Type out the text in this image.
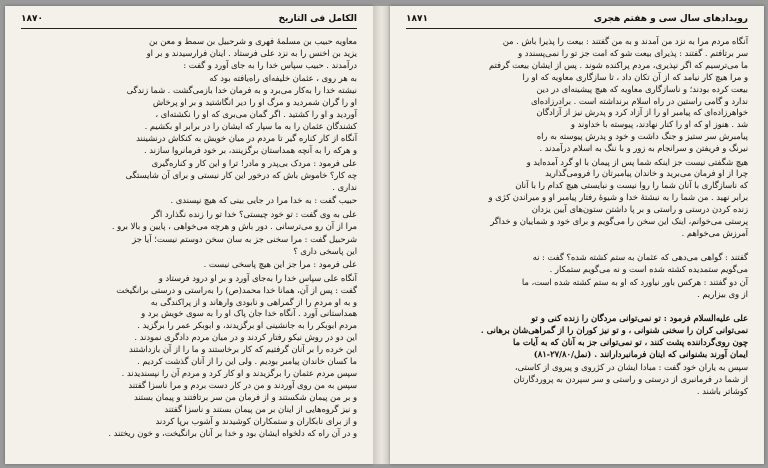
الکامل فی التاریخ
۱۸۷۰

معاویه حبیب بن مسلمهٔ فهری و شرحبیل بن سمط و معن بن
یزید بن اخنس را به نزد علی فرستاد . اینان فرارسیدند و بر او
درآمدند . حبیب سپاس خدا را به جای آورد و گفت :

به هر روی ، عثمان خلیفه‌ای راه‌یافته بود که
نیشته خدا را به‌کار می‌برد و به فرمان خدا بازمی‌گشت . شما زندگی
او را گران شمردید و مرگ او را دیر انگاشتید و بر او پرخاش
آوردید و او را کشتید . اگر گمان می‌بری که او را نکشته‌ای ،
کشندگان عثمان را به ما سپار که ایشان را در برابر او بکشیم .
آنگاه از کار کناره گیر تا مردم در میان خویش به کنکاش درنشینند
و هرکه را به آنچه همداستان برگزینند، بر خود فرمانروا سازند .

علی فرمود : مردک بی‌پدر و مادر! ترا و این کار و کناره‌گیری
چه کار؟ خاموش باش که درخور این کار نیستی و برای آن شایستگی
نداری .

حبیب گفت : به خدا مرا در جایی بینی که هیچ نپسندی .

علی به وی گفت : تو خود چیستی؟ خدا تو را زنده نگذارد اگر
مرا از آن رو می‌ترسانی . دور باش و هرچه می‌خواهی ، پایین و بالا برو .

شرحبیل گفت : مرا سخنی جز به سان سخن دوستم نیست؛ آیا جز
این پاسخی داری ؟

علی فرمود : مرا جز این هیچ پاسخی نیست .

آنگاه علی سپاس خدا را به‌جای آورد و بر او درود فرستاد و
گفت : پس از آن، همانا خدا محمد(ص) را به‌راستی و درستی برانگیخت
و به او مردم را از گمراهی و نابودی وارهاند و از پراکندگی به
همداستانی آورد . آنگاه خدا جان پاک او را به سوی خویش برد و
مردم ابوبکر را به جانشینی او برگزیدند، و ابوبکر عمر را برگزید .
این دو در روش نیکو رفتار کردند و در میان مردم دادگری نمودند .
این خرده را بر آنان گرفتیم که کار برخاستند و ما را از آن بازداشتند
ما کسان خاندان پیامبر بودیم . ولی این را از آنان گذشت کردیم .
سپس مردم عثمان را برگزیدند و او کار کرد و مردم آن را نپسندیدند .
سپس به من روی آوردند و من در کار دست بردم و مرا ناسزا گفتند
و بر من پیمان شکستند و از فرمان من سر برتافتند و پیمان بستند
و نیز گروه‌هایی از اینان بر من پیمان بستند و ناسزا گفتند
و از برای نابکاران و ستمکاران کوشیدند و آشوب برپا کردند
و در آن راه که دلخواه ایشان بود و خدا بر آنان برانگیخت، و خون ریختند .

رویدادهای سال سی و هفتم هجری
۱۸۷۱

آنگاه مردم مرا به نزد من آمدند و به من گفتند : بیعت را پذیرا باش . من
سر برتافتم . گفتند : پذیرای بیعت شو که امت جز تو را نمی‌پسندد و
ما می‌ترسیم که اگر نپذیری، مردم پراکنده شوند . پس از ایشان بیعت گرفتم
و مرا هیچ کار نیامد که از آن تکان داد ، تا سازگاری معاویه که او را
بیعت کرده بودند؛ و ناسازگاری معاویه که هیچ پیشینه‌ای در دین
ندارد و گامی راستین در راه اسلام برنداشته است . برادرزاده‌ای
خواهرزاده‌ای که پیامبر او را از آزاد کرد و پدرش نیز از آزادگان
شد . هنوز او که او را کنار نهادند، پیوسته با خداوند و
پیامبرش سر ستیز و جنگ داشت و خود و پدرش پیوسته به راه
نیرنگ و فریفتن و سرانجام به زور و با ننگ به اسلام درآمدند .

هیچ شگفتی نیست جز اینکه شما پس از پیمان با او گرد آمده‌اید و
چرا از او فرمان می‌برید و خاندان پیامبرتان را فرومی‌گذارید
که ناسازگاری با آنان شما را روا نیست و نبایستی هیچ کدام را با آنان
برابر نهید . من شما را به نبشتهٔ خدا و شیوهٔ رفتار پیامبر او و میراندن کژی و
زنده کردن درستی و راستی و بر پا داشتن ستون‌های آیین یزدان
پرستی می‌خوانم، اینک این سخن را می‌گویم و برای خود و شماییان و خداگر
آمرزش می‌خواهم .

گفتند : گواهی می‌دهی که عثمان به ستم کشته شده؟ گفت : نه
می‌گویم ستمدیده کشته شده است و نه می‌گویم ستمکار .

آن دو گفتند : هرکس باور نیاورد که او به ستم کشته شده است، ما
از وی بیزاریم .

علی علیه‌السلام فرمود : تو نمی‌توانی مردگان را زنده کنی و تو
نمی‌توانی کران را سخنی شنوانی ، و تو نیز کوران را از گمراهی‌شان برهانی .
چون روی‌گرداننده پشت کنند ، تو نمی‌توانی جز به آنان که به آیات ما
ایمان آورند بشنوانی که اینان فرمانبردارانند . (نمل/۲۷/۸۰-۸۱)

سپس به یاران خود گفت : مبادا ایشان در کژروی و پیروی از کاستی،
از شما در فرمانبری از درستی و راستی و سر سپردن به پروردگارتان
کوشاتر باشند .
